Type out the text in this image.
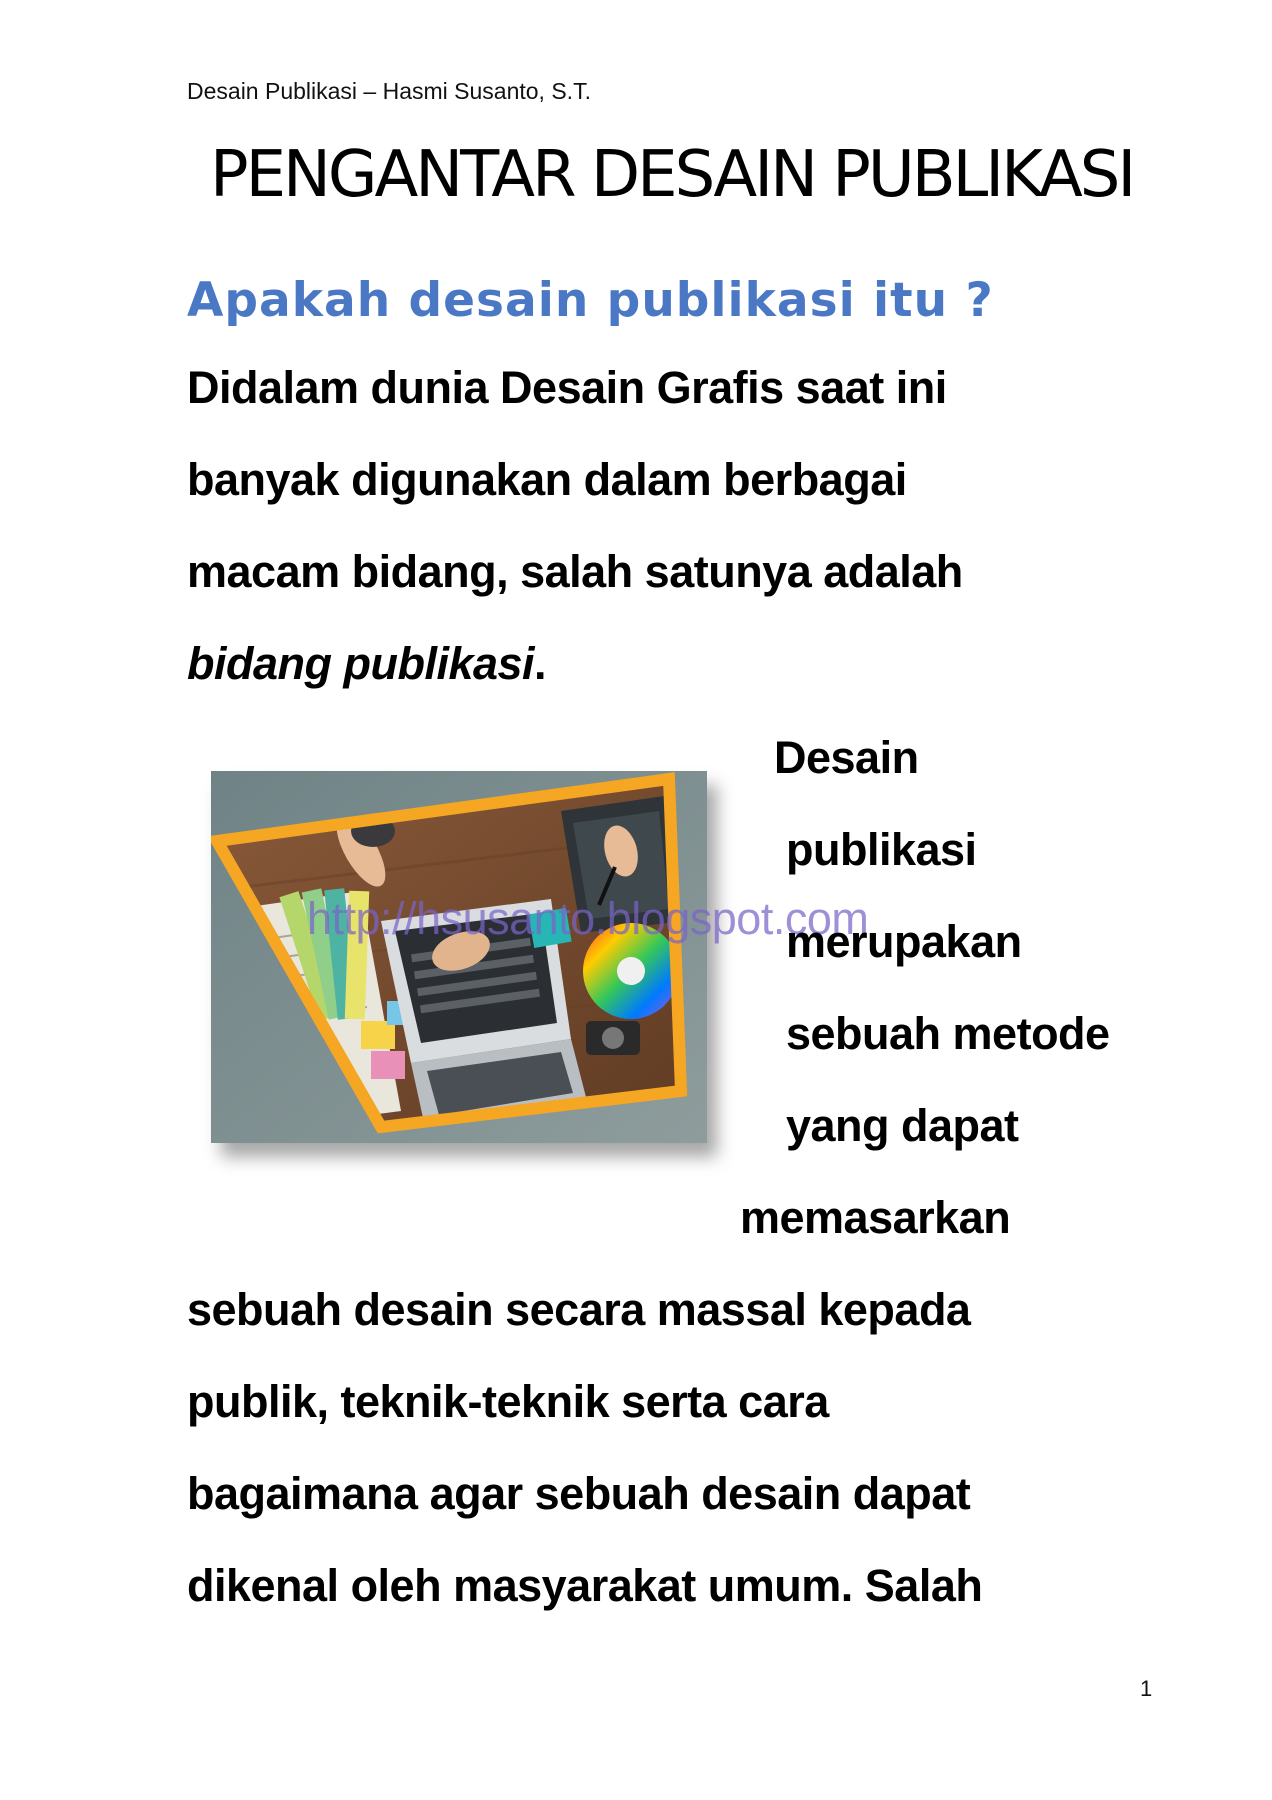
Desain Publikasi – Hasmi Susanto, S.T.
PENGANTAR DESAIN PUBLIKASI
Apakah desain publikasi itu ?
Didalam dunia Desain Grafis saat ini
banyak digunakan dalam berbagai
macam bidang, salah satunya adalah
bidang publikasi.
http://hsusanto.blogspot.com
Desain
publikasi
merupakan
sebuah metode
yang dapat
memasarkan
sebuah desain secara massal kepada
publik, teknik-teknik serta cara
bagaimana agar sebuah desain dapat
dikenal oleh masyarakat umum. Salah
1
